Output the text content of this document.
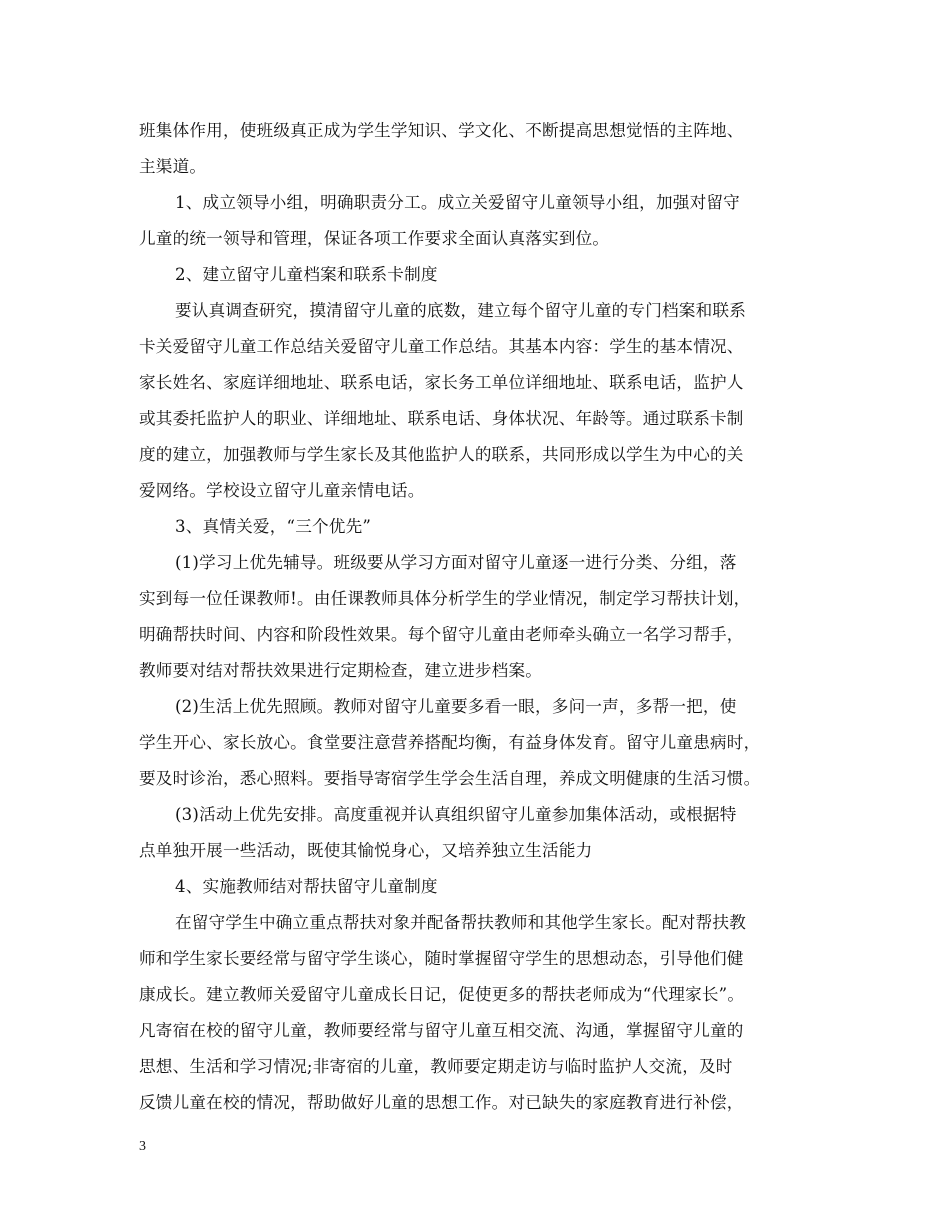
班集体作用，使班级真正成为学生学知识、学文化、不断提高思想觉悟的主阵地、
主渠道。
1、成立领导小组，明确职责分工。成立关爱留守儿童领导小组，加强对留守
儿童的统一领导和管理，保证各项工作要求全面认真落实到位。
2、建立留守儿童档案和联系卡制度
要认真调查研究，摸清留守儿童的底数，建立每个留守儿童的专门档案和联系
卡关爱留守儿童工作总结关爱留守儿童工作总结。其基本内容：学生的基本情况、
家长姓名、家庭详细地址、联系电话，家长务工单位详细地址、联系电话，监护人
或其委托监护人的职业、详细地址、联系电话、身体状况、年龄等。通过联系卡制
度的建立，加强教师与学生家长及其他监护人的联系，共同形成以学生为中心的关
爱网络。学校设立留守儿童亲情电话。
3、真情关爱，“三个优先”
(1)学习上优先辅导。班级要从学习方面对留守儿童逐一进行分类、分组，落
实到每一位任课教师!。由任课教师具体分析学生的学业情况，制定学习帮扶计划，
明确帮扶时间、内容和阶段性效果。每个留守儿童由老师牵头确立一名学习帮手，
教师要对结对帮扶效果进行定期检查，建立进步档案。
(2)生活上优先照顾。教师对留守儿童要多看一眼，多问一声，多帮一把，使
学生开心、家长放心。食堂要注意营养搭配均衡，有益身体发育。留守儿童患病时，
要及时诊治，悉心照料。要指导寄宿学生学会生活自理，养成文明健康的生活习惯。
(3)活动上优先安排。高度重视并认真组织留守儿童参加集体活动，或根据特
点单独开展一些活动，既使其愉悦身心，又培养独立生活能力
4、实施教师结对帮扶留守儿童制度
在留守学生中确立重点帮扶对象并配备帮扶教师和其他学生家长。配对帮扶教
师和学生家长要经常与留守学生谈心，随时掌握留守学生的思想动态，引导他们健
康成长。建立教师关爱留守儿童成长日记，促使更多的帮扶老师成为“代理家长”。
凡寄宿在校的留守儿童，教师要经常与留守儿童互相交流、沟通，掌握留守儿童的
思想、生活和学习情况;非寄宿的儿童，教师要定期走访与临时监护人交流，及时
反馈儿童在校的情况，帮助做好儿童的思想工作。对已缺失的家庭教育进行补偿，
3
